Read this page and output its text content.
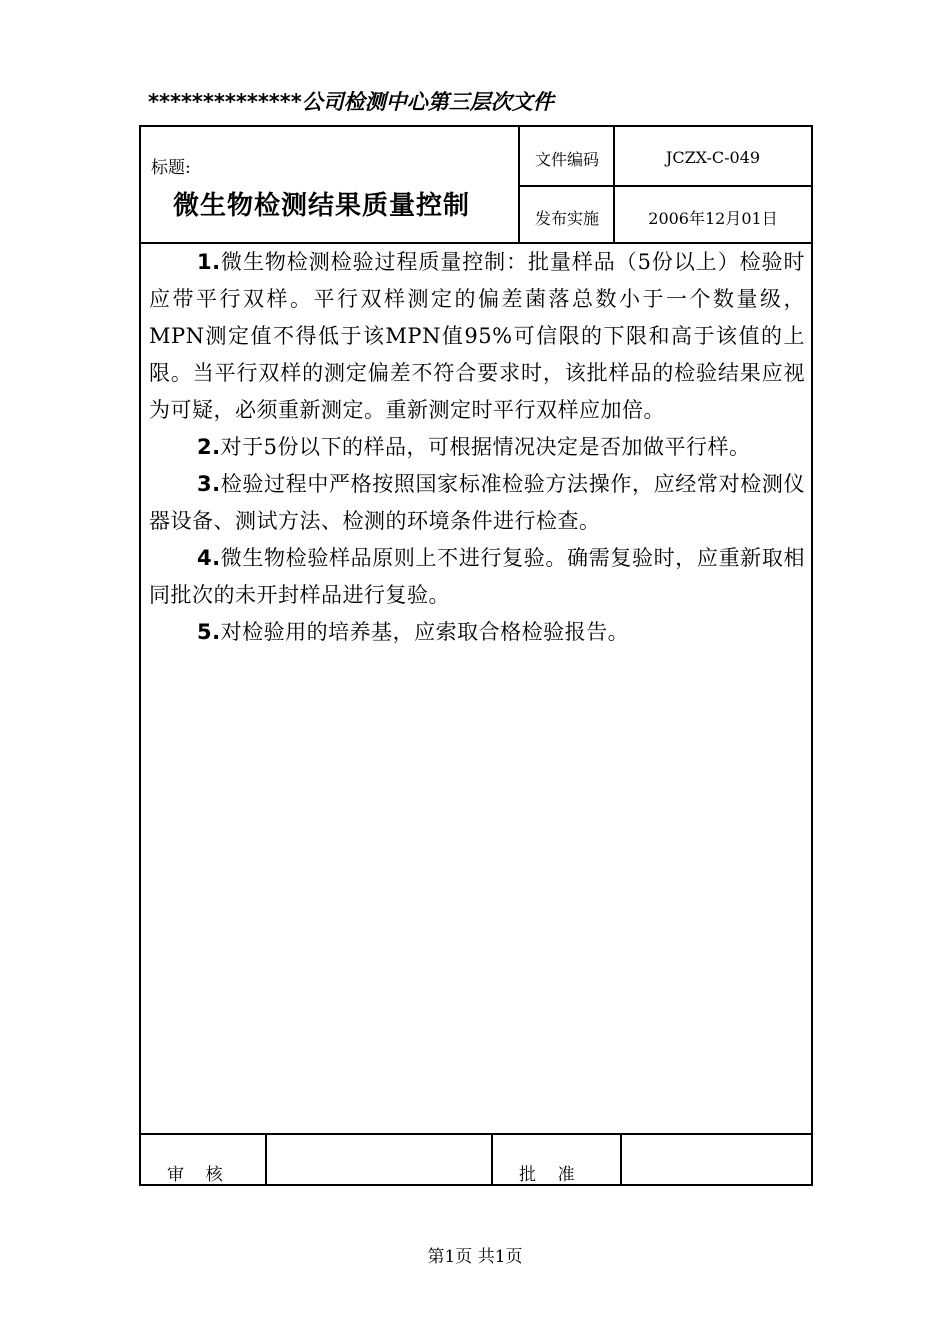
**************公司检测中心第三层次文件
标题:
微生物检测结果质量控制
文件编码	JCZX-C-049
发布实施	2006年12月01日

1.微生物检测检验过程质量控制：批量样品（5份以上）检验时应带平行双样。平行双样测定的偏差菌落总数小于一个数量级，MPN测定值不得低于该MPN值95%可信限的下限和高于该值的上限。当平行双样的测定偏差不符合要求时，该批样品的检验结果应视为可疑，必须重新测定。重新测定时平行双样应加倍。

2.对于5份以下的样品，可根据情况决定是否加做平行样。

3.检验过程中严格按照国家标准检验方法操作，应经常对检测仪器设备、测试方法、检测的环境条件进行检查。

4.微生物检验样品原则上不进行复验。确需复验时，应重新取相同批次的未开封样品进行复验。

5.对检验用的培养基，应索取合格检验报告。

审    核	批    准
第1页 共1页
